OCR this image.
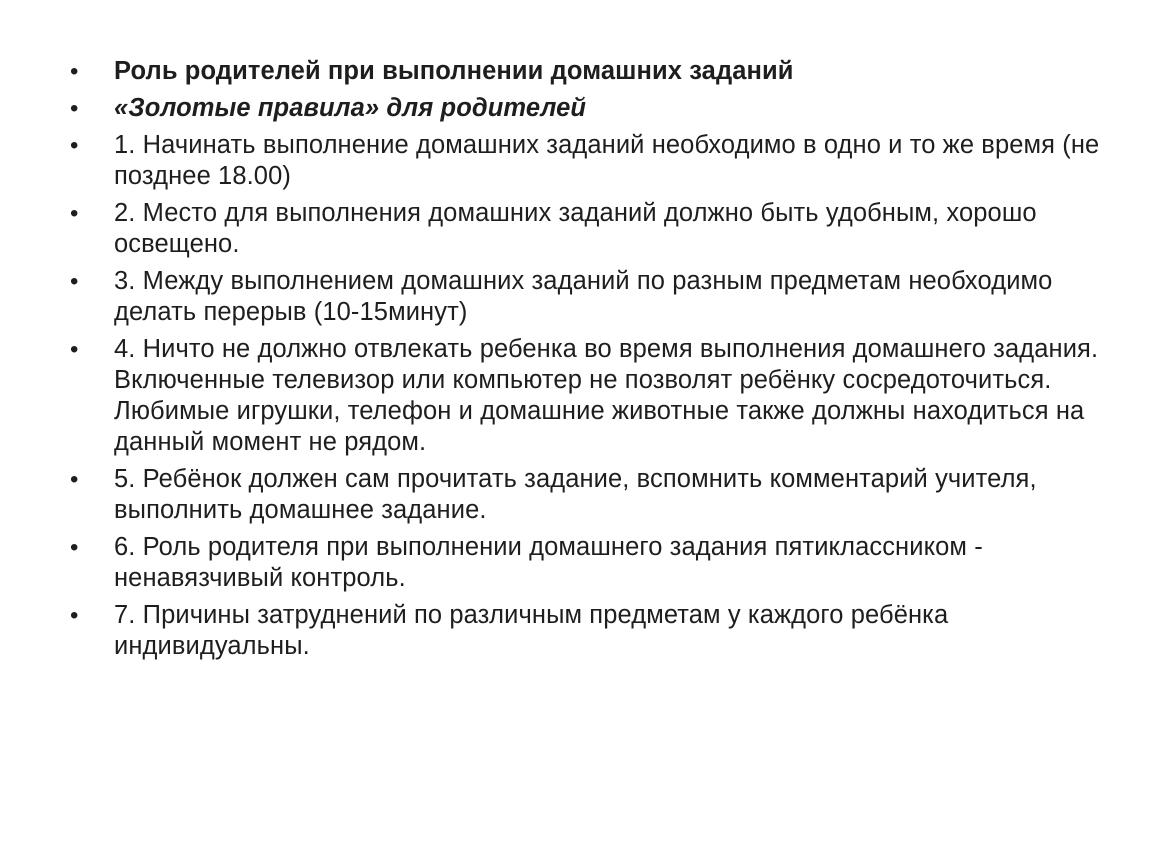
• Роль родителей при выполнении домашних заданий
• «Золотые правила» для родителей
• 1. Начинать выполнение домашних заданий необходимо в одно и то же время (не позднее 18.00)
• 2. Место для выполнения домашних заданий должно быть удобным, хорошо освещено.
• 3. Между выполнением домашних заданий по разным предметам необходимо делать перерыв (10-15минут)
• 4. Ничто не должно отвлекать ребенка во время выполнения домашнего задания. Включенные телевизор или компьютер не позволят ребёнку сосредоточиться. Любимые игрушки, телефон и домашние животные также должны находиться на данный момент не рядом.
• 5. Ребёнок должен сам прочитать задание, вспомнить комментарий учителя, выполнить домашнее задание.
• 6. Роль родителя при выполнении домашнего задания пятиклассником - ненавязчивый контроль.
• 7. Причины затруднений по различным предметам у каждого ребёнка индивидуальны.
